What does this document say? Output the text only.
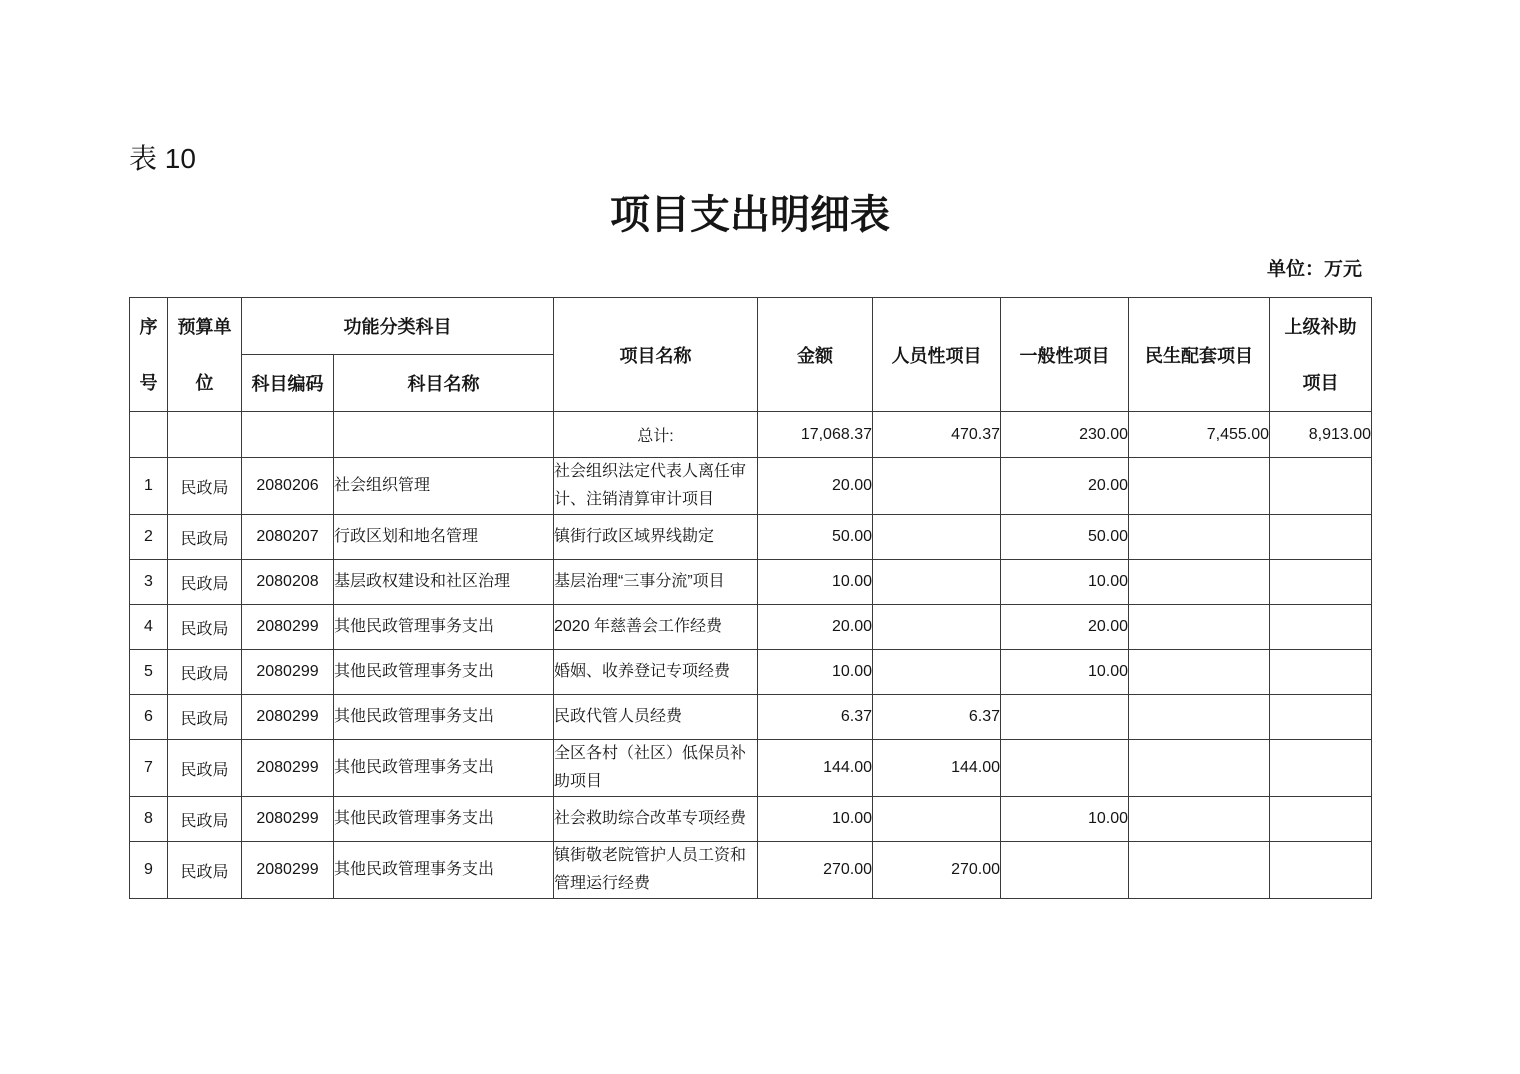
表 10
项目支出明细表
单位：万元
序号	预算单位	功能分类科目		项目名称	金额	人员性项目	一般性项目	民生配套项目	上级补助项目
		科目编码	科目名称						
				总计:	17,068.37	470.37	230.00	7,455.00	8,913.00
1	民政局	2080206	社会组织管理	社会组织法定代表人离任审计、注销清算审计项目	20.00		20.00		
2	民政局	2080207	行政区划和地名管理	镇街行政区域界线勘定	50.00		50.00		
3	民政局	2080208	基层政权建设和社区治理	基层治理“三事分流”项目	10.00		10.00		
4	民政局	2080299	其他民政管理事务支出	2020 年慈善会工作经费	20.00		20.00		
5	民政局	2080299	其他民政管理事务支出	婚姻、收养登记专项经费	10.00		10.00		
6	民政局	2080299	其他民政管理事务支出	民政代管人员经费	6.37	6.37			
7	民政局	2080299	其他民政管理事务支出	全区各村（社区）低保员补助项目	144.00	144.00			
8	民政局	2080299	其他民政管理事务支出	社会救助综合改革专项经费	10.00		10.00		
9	民政局	2080299	其他民政管理事务支出	镇街敬老院管护人员工资和管理运行经费	270.00	270.00			
